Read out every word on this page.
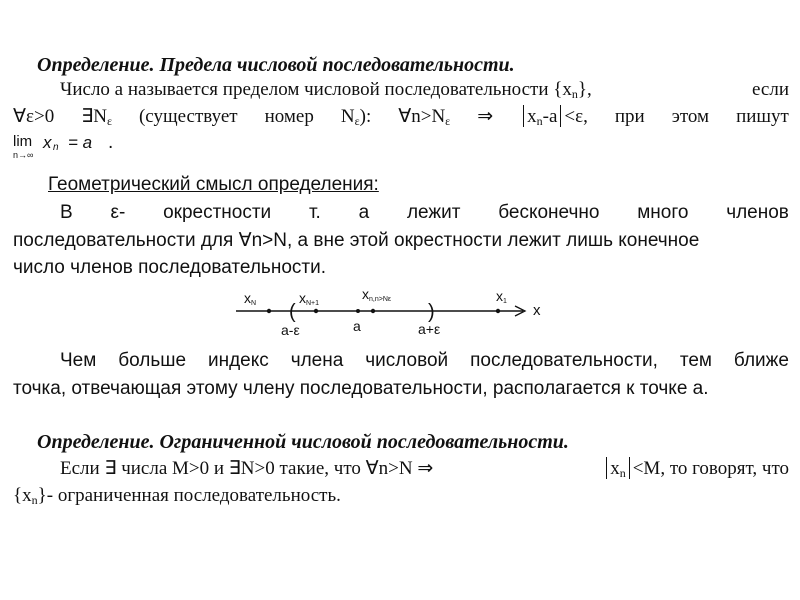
Определение. Предела числовой последовательности.
Число а называется пределом числовой последовательности $\{x_n\}$,	если
∀ε>0 $\exists N_\varepsilon$ (существует номер $N_\varepsilon$): $\forall n>N_\varepsilon$ ⇒	$x_n-a <\varepsilon$, при этом пишут
lim
n→∞
x n = a .
Геометрический смысл определения:
В ε- окрестности т. а лежит бесконечно много членов
последовательности для ∀n>N, а вне этой окрестности лежит лишь конечное
число членов последовательности.
x
xN (
xN+1
xn,n>Nε
)
x1
a-ε	a	a+ε
Чем больше индекс члена числовой последовательности, тем ближе
точка, отвечающая этому члену последовательности, располагается к точке а.
Определение. Ограниченной числовой последовательности.
Если ∃ числа M>0 и ∃N>0 такие, что ∀n>N ⇒	$x_n <M$, то говорят, что
$\{x_n\}-$ ограниченная последовательность.
